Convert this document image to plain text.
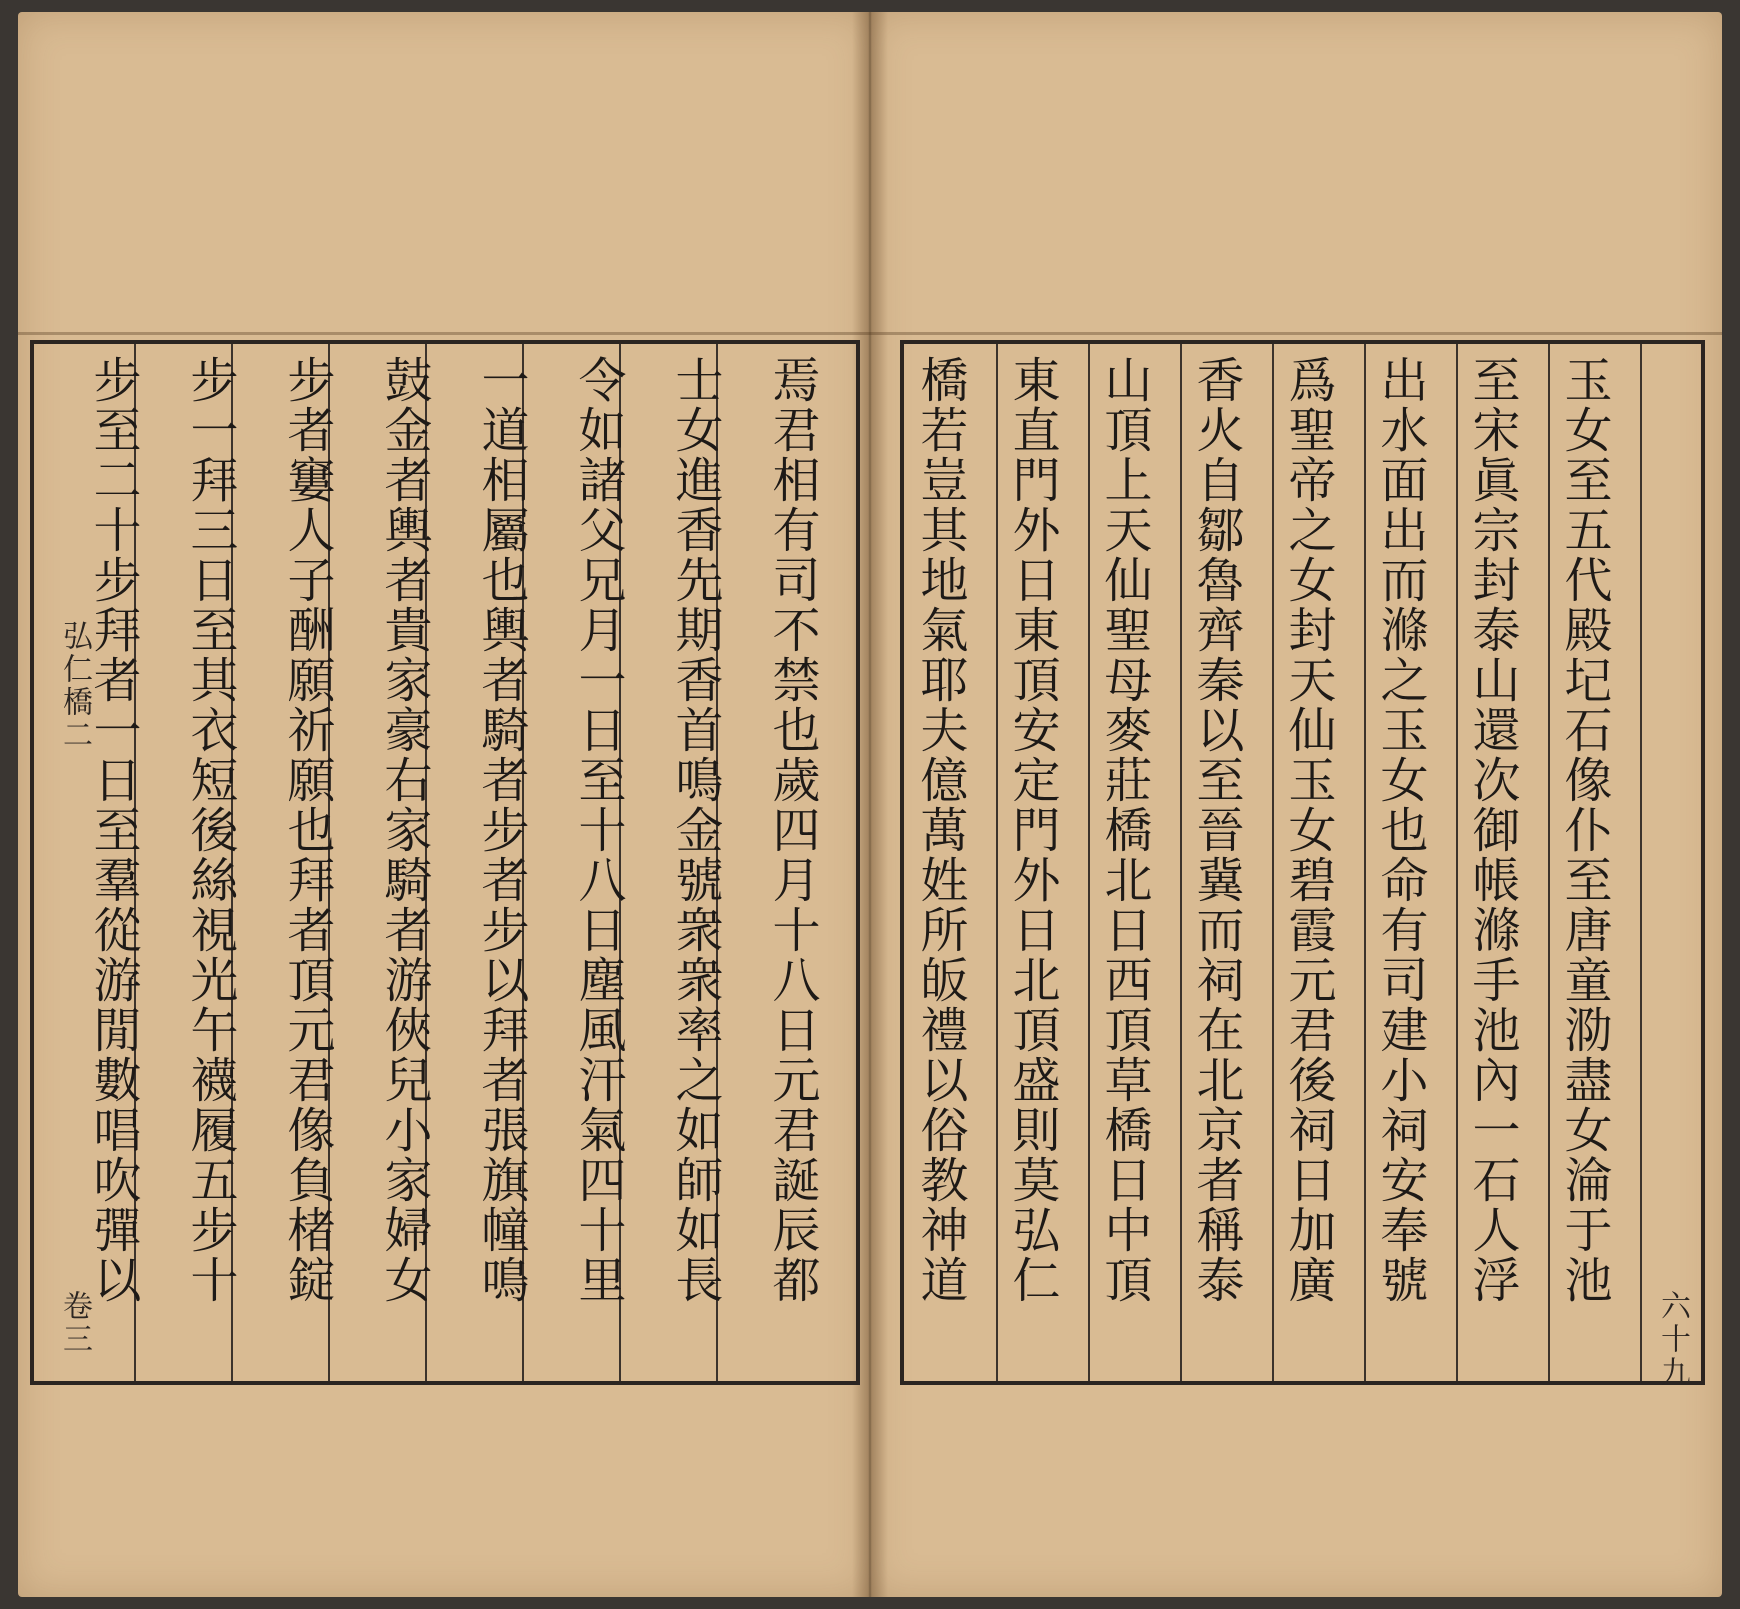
焉君相有司不禁也歲四月十八日元君誕辰都
士女進香先期香首鳴金號衆衆率之如師如長
令如諸父兄月一日至十八日塵風汗氣四十里
一道相屬也輿者騎者步者步以拜者張旗幢鳴
鼓金者輿者貴家豪右家騎者游俠兒小家婦女
步者窶人子酬願祈願也拜者頂元君像負楮錠
步一拜三日至其衣短後絲視光午襪履五步十
步至二十步拜者一日至羣從游閒數唱吹彈以
弘仁橋二
卷三
玉女至五代殿圮石像仆至唐童泐盡女淪于池
至宋眞宗封泰山還次御帳滌手池內一石人浮
出水面出而滌之玉女也命有司建小祠安奉號
爲聖帝之女封天仙玉女碧霞元君後祠日加廣
香火自鄒魯齊秦以至晉冀而祠在北京者稱泰
山頂上天仙聖母麥莊橋北日西頂草橋日中頂
東直門外日東頂安定門外日北頂盛則莫弘仁
橋若豈其地氣耶夫億萬姓所皈禮以俗教神道
六十九
